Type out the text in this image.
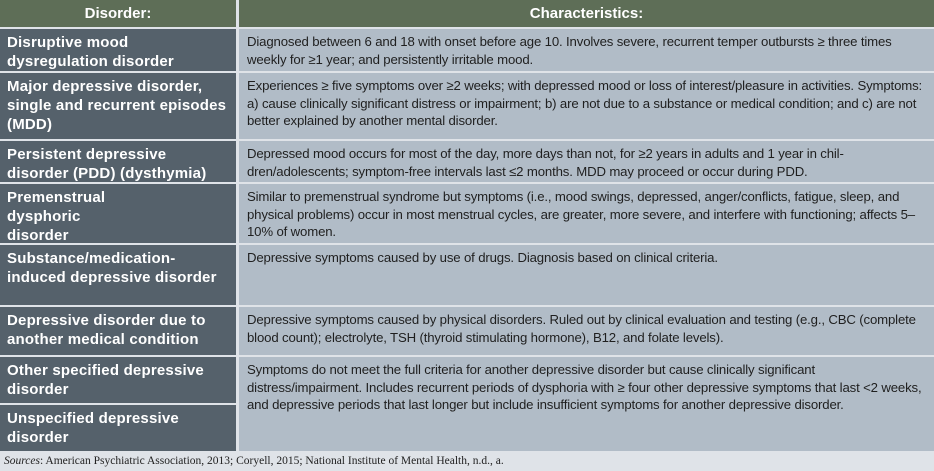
Disorder:	Characteristics:
Disruptive mood dysregulation disorder
Diagnosed between 6 and 18 with onset before age 10. Involves severe, recurrent temper outbursts ≥ three times weekly for ≥1 year; and persistently irritable mood.
Major depressive disorder, single and recurrent episodes (MDD)
Experiences ≥ five symptoms over ≥2 weeks; with depressed mood or loss of interest/pleasure in activities. Symptoms: a) cause clinically significant distress or impairment; b) are not due to a substance or medical condition; and c) are not better explained by another mental disorder.
Persistent depressive disorder (PDD) (dysthymia)
Depressed mood occurs for most of the day, more days than not, for ≥2 years in adults and 1 year in chil-dren/adolescents; symptom-free intervals last ≤2 months. MDD may proceed or occur during PDD.
Premenstrual dysphoric disorder
Similar to premenstrual syndrome but symptoms (i.e., mood swings, depressed, anger/conflicts, fatigue, sleep, and physical problems) occur in most menstrual cycles, are greater, more severe, and interfere with functioning; affects 5–10% of women.
Substance/medication-induced depressive disorder
Depressive symptoms caused by use of drugs. Diagnosis based on clinical criteria.
Depressive disorder due to another medical condition
Depressive symptoms caused by physical disorders. Ruled out by clinical evaluation and testing (e.g., CBC (complete blood count); electrolyte, TSH (thyroid stimulating hormone), B12, and folate levels).
Other specified depressive disorder
Unspecified depressive disorder
Symptoms do not meet the full criteria for another depressive disorder but cause clinically significant distress/impairment. Includes recurrent periods of dysphoria with ≥ four other depressive symptoms that last <2 weeks, and depressive periods that last longer but include insufficient symptoms for another depressive disorder.
Sources: American Psychiatric Association, 2013; Coryell, 2015; National Institute of Mental Health, n.d., a.
